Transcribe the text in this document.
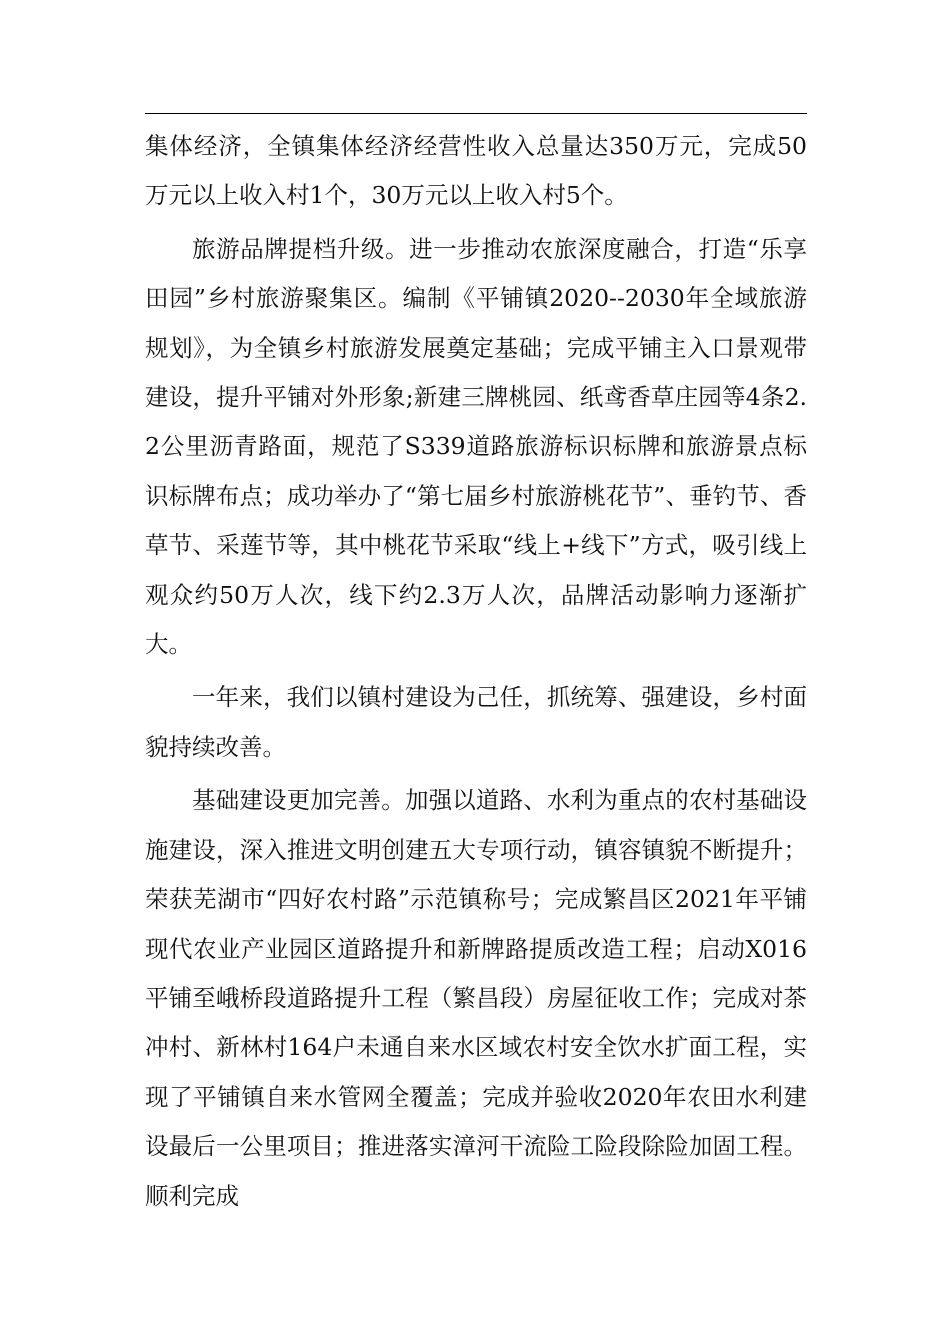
集体经济，全镇集体经济经营性收入总量达350万元，完成50万元以上收入村1个，30万元以上收入村5个。

旅游品牌提档升级。进一步推动农旅深度融合，打造“乐享田园”乡村旅游聚集区。编制《平铺镇2020--2030年全域旅游规划》，为全镇乡村旅游发展奠定基础；完成平铺主入口景观带建设，提升平铺对外形象;新建三牌桃园、纸鸢香草庄园等4条2.2公里沥青路面，规范了S339道路旅游标识标牌和旅游景点标识标牌布点；成功举办了“第七届乡村旅游桃花节”、垂钓节、香草节、采莲节等，其中桃花节采取“线上+线下”方式，吸引线上观众约50万人次，线下约2.3万人次，品牌活动影响力逐渐扩大。

一年来，我们以镇村建设为己任，抓统筹、强建设，乡村面貌持续改善。

基础建设更加完善。加强以道路、水利为重点的农村基础设施建设，深入推进文明创建五大专项行动，镇容镇貌不断提升；荣获芜湖市“四好农村路”示范镇称号；完成繁昌区2021年平铺现代农业产业园区道路提升和新牌路提质改造工程；启动X016平铺至峨桥段道路提升工程（繁昌段）房屋征收工作；完成对茶冲村、新林村164户未通自来水区域农村安全饮水扩面工程，实现了平铺镇自来水管网全覆盖；完成并验收2020年农田水利建设最后一公里项目；推进落实漳河干流险工险段除险加固工程。顺利完成
